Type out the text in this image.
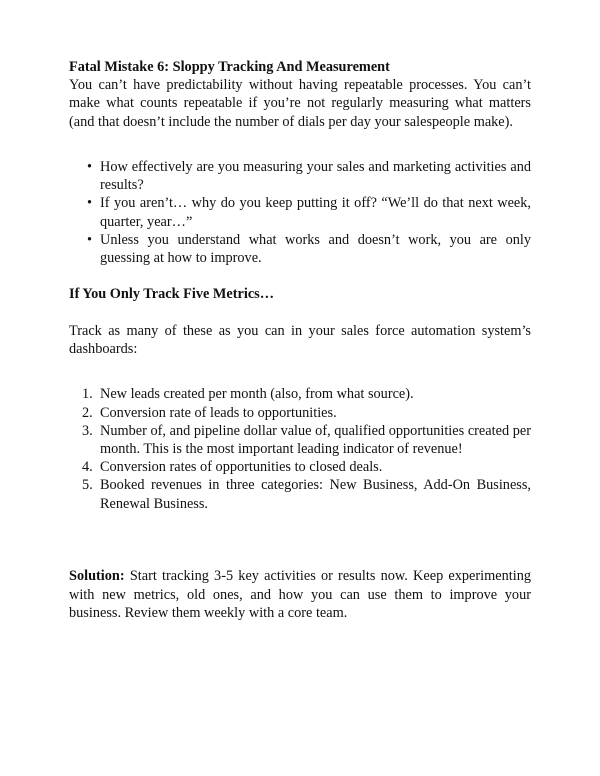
Fatal Mistake 6: Sloppy Tracking And Measurement

You can’t have predictability without having repeatable processes. You can’t make what counts repeatable if you’re not regularly measuring what matters (and that doesn’t include the number of dials per day your salespeople make).

• How effectively are you measuring your sales and marketing activities and results?
• If you aren’t… why do you keep putting it off? “We’ll do that next week, quarter, year…”
• Unless you understand what works and doesn’t work, you are only guessing at how to improve.
If You Only Track Five Metrics…

Track as many of these as you can in your sales force automation system’s dashboards:

New leads created per month (also, from what source).
Conversion rate of leads to opportunities.
Number of, and pipeline dollar value of, qualified opportunities created per month. This is the most important leading indicator of revenue!
Conversion rates of opportunities to closed deals.
Booked revenues in three categories: New Business, Add-On Business, Renewal Business.

Solution: Start tracking 3-5 key activities or results now. Keep experimenting with new metrics, old ones, and how you can use them to improve your business. Review them weekly with a core team.
